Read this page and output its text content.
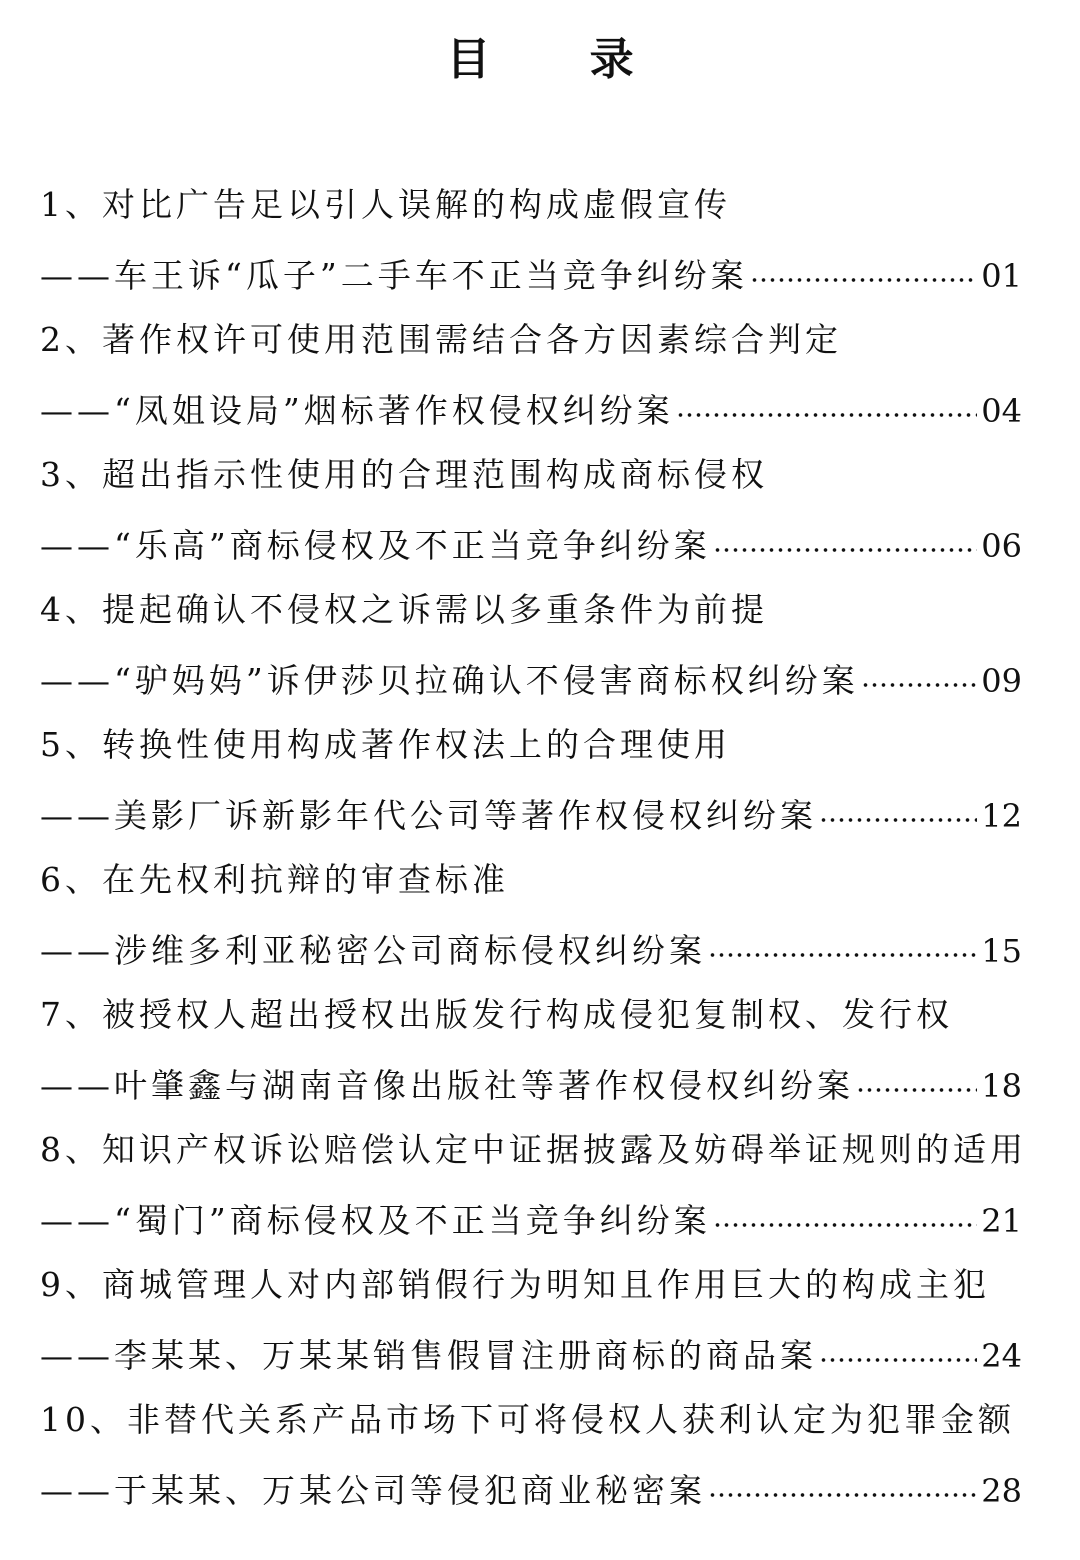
目 录
1、对比广告足以引人误解的构成虚假宣传
——车王诉“瓜子”二手车不正当竞争纠纷案	01
2、著作权许可使用范围需结合各方因素综合判定
——“凤姐设局”烟标著作权侵权纠纷案	04
3、超出指示性使用的合理范围构成商标侵权
——“乐高”商标侵权及不正当竞争纠纷案	06
4、提起确认不侵权之诉需以多重条件为前提
——“驴妈妈”诉伊莎贝拉确认不侵害商标权纠纷案	09
5、转换性使用构成著作权法上的合理使用
——美影厂诉新影年代公司等著作权侵权纠纷案	12
6、在先权利抗辩的审查标准
——涉维多利亚秘密公司商标侵权纠纷案	15
7、被授权人超出授权出版发行构成侵犯复制权、发行权
——叶肇鑫与湖南音像出版社等著作权侵权纠纷案	18
8、知识产权诉讼赔偿认定中证据披露及妨碍举证规则的适用
——“蜀门”商标侵权及不正当竞争纠纷案	21
9、商城管理人对内部销假行为明知且作用巨大的构成主犯
——李某某、万某某销售假冒注册商标的商品案	24
10、非替代关系产品市场下可将侵权人获利认定为犯罪金额
——于某某、万某公司等侵犯商业秘密案	28
